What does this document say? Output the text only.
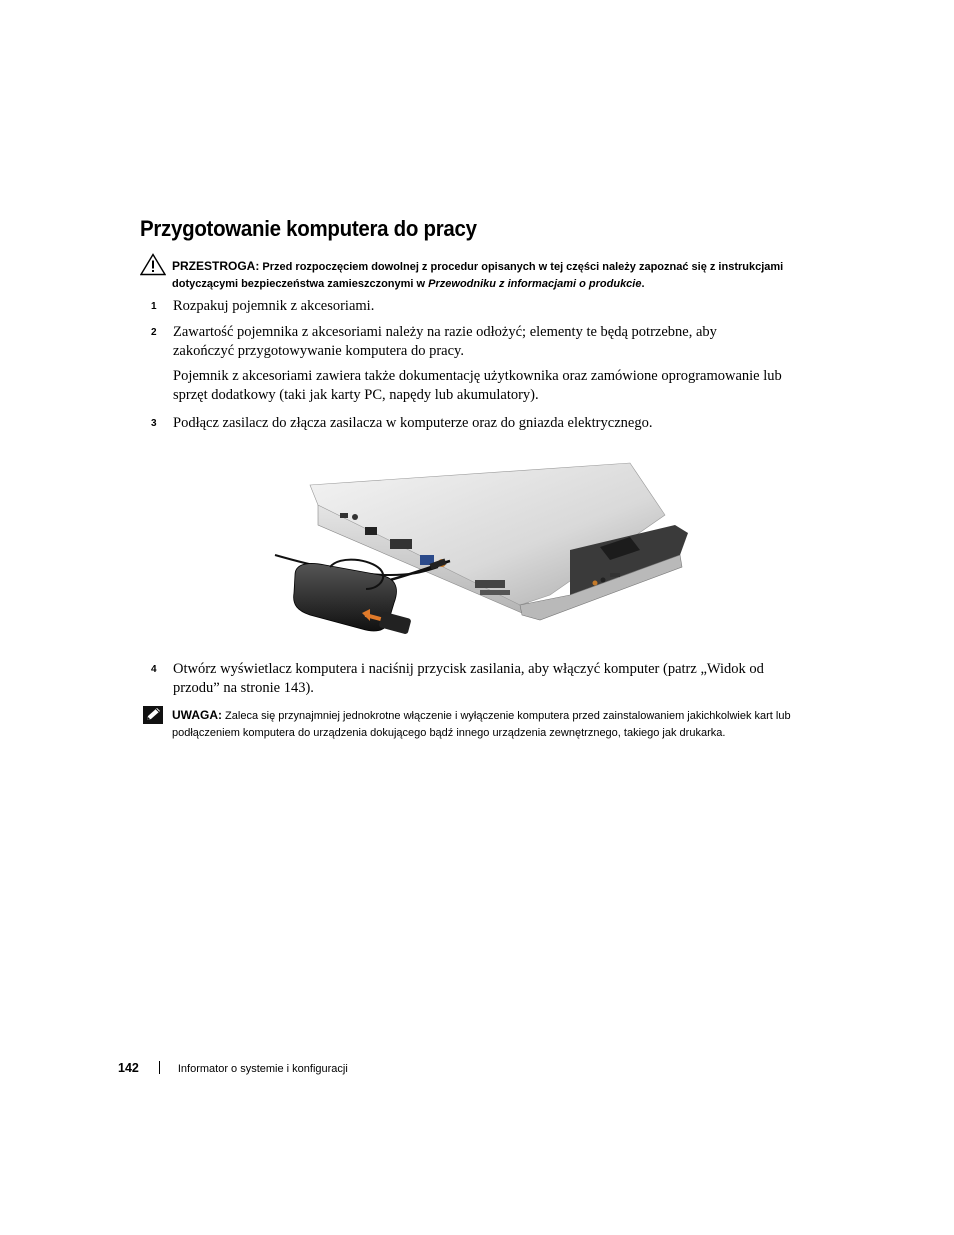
Przygotowanie komputera do pracy
PRZESTROGA: Przed rozpoczęciem dowolnej z procedur opisanych w tej części należy zapoznać się z instrukcjami dotyczącymi bezpieczeństwa zamieszczonymi w Przewodniku z informacjami o produkcie.
1 Rozpakuj pojemnik z akcesoriami.
2 Zawartość pojemnika z akcesoriami należy na razie odłożyć; elementy te będą potrzebne, aby zakończyć przygotowywanie komputera do pracy.
Pojemnik z akcesoriami zawiera także dokumentację użytkownika oraz zamówione oprogramowanie lub sprzęt dodatkowy (taki jak karty PC, napędy lub akumulatory).
3 Podłącz zasilacz do złącza zasilacza w komputerze oraz do gniazda elektrycznego.
4 Otwórz wyświetlacz komputera i naciśnij przycisk zasilania, aby włączyć komputer (patrz „Widok od przodu” na stronie 143).
UWAGA: Zaleca się przynajmniej jednokrotne włączenie i wyłączenie komputera przed zainstalowaniem jakichkolwiek kart lub podłączeniem komputera do urządzenia dokującego bądź innego urządzenia zewnętrznego, takiego jak drukarka.
142	Informator o systemie i konfiguracji
